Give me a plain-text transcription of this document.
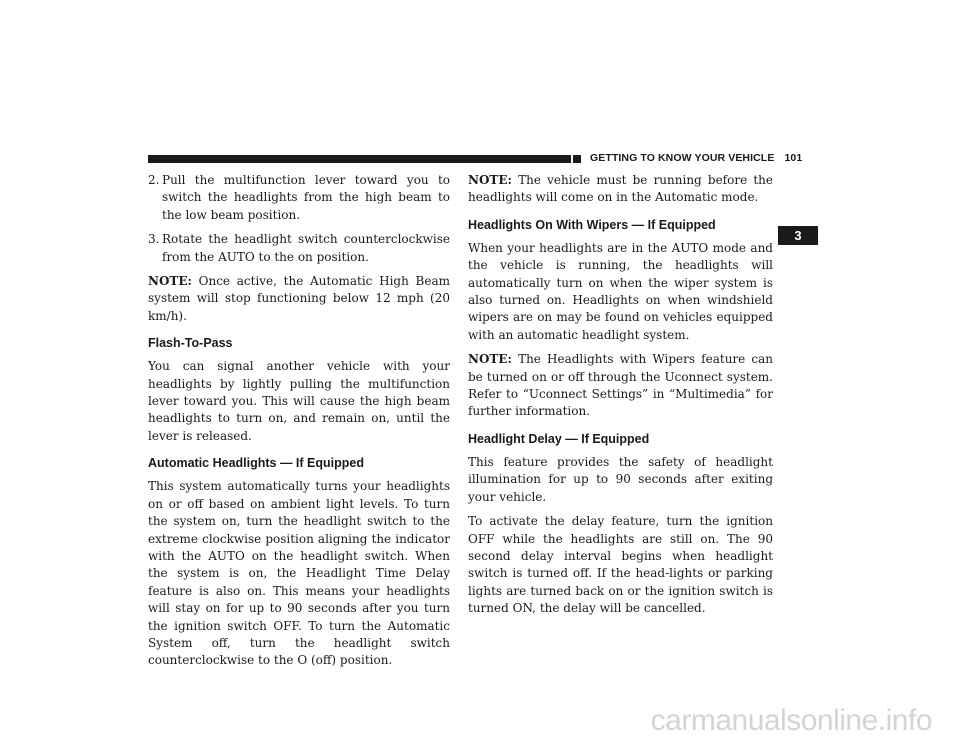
GETTING TO KNOW YOUR VEHICLE 101
3
2. Pull the multifunction lever toward you to switch the headlights from the high beam to the low beam position.
3. Rotate the headlight switch counterclockwise from the AUTO to the on position.

NOTE: Once active, the Automatic High Beam system will stop functioning below 12 mph (20 km/h).

Flash-To-Pass

You can signal another vehicle with your headlights by lightly pulling the multifunction lever toward you. This will cause the high beam headlights to turn on, and remain on, until the lever is released.

Automatic Headlights — If Equipped

This system automatically turns your headlights on or off based on ambient light levels. To turn the system on, turn the headlight switch to the extreme clockwise position aligning the indicator with the AUTO on the headlight switch. When the system is on, the Headlight Time Delay feature is also on. This means your headlights will stay on for up to 90 seconds after you turn the ignition switch OFF. To turn the Automatic System off, turn the headlight switch counterclockwise to the O (off) position.

NOTE: The vehicle must be running before the headlights will come on in the Automatic mode.

Headlights On With Wipers — If Equipped

When your headlights are in the AUTO mode and the vehicle is running, the headlights will automatically turn on when the wiper system is also turned on. Headlights on when windshield wipers are on may be found on vehicles equipped with an automatic headlight system.

NOTE: The Headlights with Wipers feature can be turned on or off through the Uconnect system. Refer to “Uconnect Settings” in “Multimedia” for further information.

Headlight Delay — If Equipped

This feature provides the safety of headlight illumination for up to 90 seconds after exiting your vehicle.

To activate the delay feature, turn the ignition OFF while the headlights are still on. The 90 second delay interval begins when headlight switch is turned off. If the head-lights or parking lights are turned back on or the ignition switch is turned ON, the delay will be cancelled.

carmanualsonline.info
